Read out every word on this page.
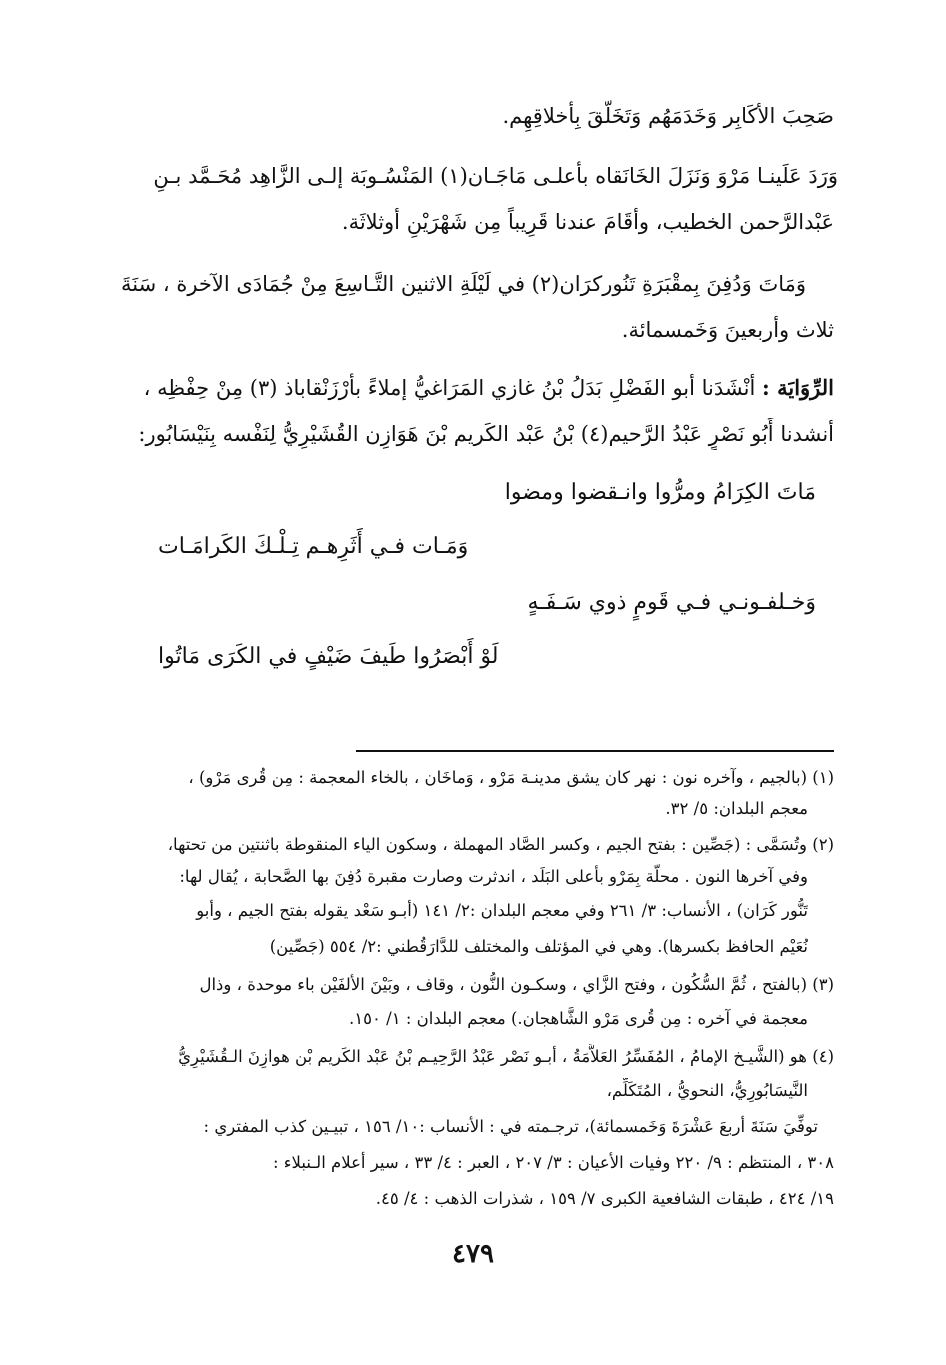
صَحِبَ الأكَابِر وَخَدَمَهُم وَتَخَلّقَ بِأخلاقِهِم.
وَرَدَ عَلَينـا مَرْوَ وَنَزَلَ الخَانَقاه بأعلـى مَاجَـان(١) المَنْسُـوبَة إلـى الزَّاهِد مُحَـمَّد بـنِ
عَبْدالرَّحمن الخطيب، وأقَامَ عندنا قَرِيباً مِن شَهْرَيْنِ أوثلاثَة.
وَمَاتَ وَدُفِنَ بِمقْبَرَةِ تَنُوركرَان(٢) في لَيْلَةِ الاثنين التَّـاسِعَ مِنْ جُمَادَى الآخرة ، سَنَةَ
ثلاث وأربعينَ وَخَمسمائة.
الرِّوَايَة : أنْشَدَنا أبو الفَضْلِ بَدَلُ بْنُ غازي المَرَاغيُّ إملاءً بأرْزَنْقاباذ (٣) مِنْ حِفْظِه ،
أنشدنا أَبُو نَصْرٍ عَبْدُ الرَّحيم(٤) بْنُ عَبْد الكَريم بْنَ هَوَازِن القُشَيْرِيُّ لِنَفْسه بِنَيْسَابُور:
مَاتَ الكِرَامُ ومرُّوا وانـقضوا ومضوا
وَمَـات فـي أَثَرِهـم تِـلْـكَ الكَرامَـات
وَخـلفـونـي فـي قَومٍ ذوي سَـفَـهٍ
لَوْ أَبْصَرُوا طَيفَ ضَيْفٍ في الكَرَى مَاتُوا
(١) (بالجيم ، وآخره نون : نهر كان يشق مدينـة مَرْو ، وَماخَان ، بالخاء المعجمة : مِن قُرى مَرْو) ،
معجم البلدان: ٥/ ٣٢.
(٢) وتُسَمَّى : (جَصِّين : بفتح الجيم ، وكسر الصَّاد المهملة ، وسكون الياء المنقوطة باثنتين من تحتها،
وفي آخرها النون . محلَّة بِمَرْو بأعلى البَلَد ، اندثرت وصارت مقبرة دُفِنَ بها الصَّحابة ، يُقال لها:
تَنُّور كَرَان) ، الأنساب: ٣/ ٢٦١ وفي معجم البلدان :٢/ ١٤١ (أبـو سَعْد يقوله بفتح الجيم ، وأبو
نُعَيْم الحافظ بكسرها). وهي في المؤتلف والمختلف للدَّارَقُطني :٢/ ٥٥٤ (جَصِّين)
(٣) (بالفتح ، ثُمَّ السُّكُون ، وفتح الزَّاي ، وسكـون النُّون ، وقاف ، وبَيْنَ الألفَيْن باء موحدة ، وذال
معجمة في آخره : مِن قُرى مَرْو الشَّاهجان.) معجم البلدان : ١/ ١٥٠.
(٤) هو (الشَّيـخ الإمامُ ، المُفَسِّرُ العَلاَّمَةُ ، أبـو نَصْر عَبْدُ الرَّحِيـم بْنُ عَبْد الكَريم بْن هوازِنَ الـقُشَيْرِيُّ
النَّيسَابُورِيُّ، النحويُّ ، المُتَكَلِّم،
توفِّيَ سَنَةَ أربعَ عَشْرَةَ وَخَمسمائة)، ترجـمته في : الأنساب :١٠/ ١٥٦ ، تبيـين كذب المفتري :
٣٠٨ ، المنتظم : ٩/ ٢٢٠ وفيات الأعيان : ٣/ ٢٠٧ ، العبر : ٤/ ٣٣ ، سير أعلام الـنبلاء :
١٩/ ٤٢٤ ، طبقات الشافعية الكبرى ٧/ ١٥٩ ، شذرات الذهب : ٤/ ٤٥.
٤٧٩
